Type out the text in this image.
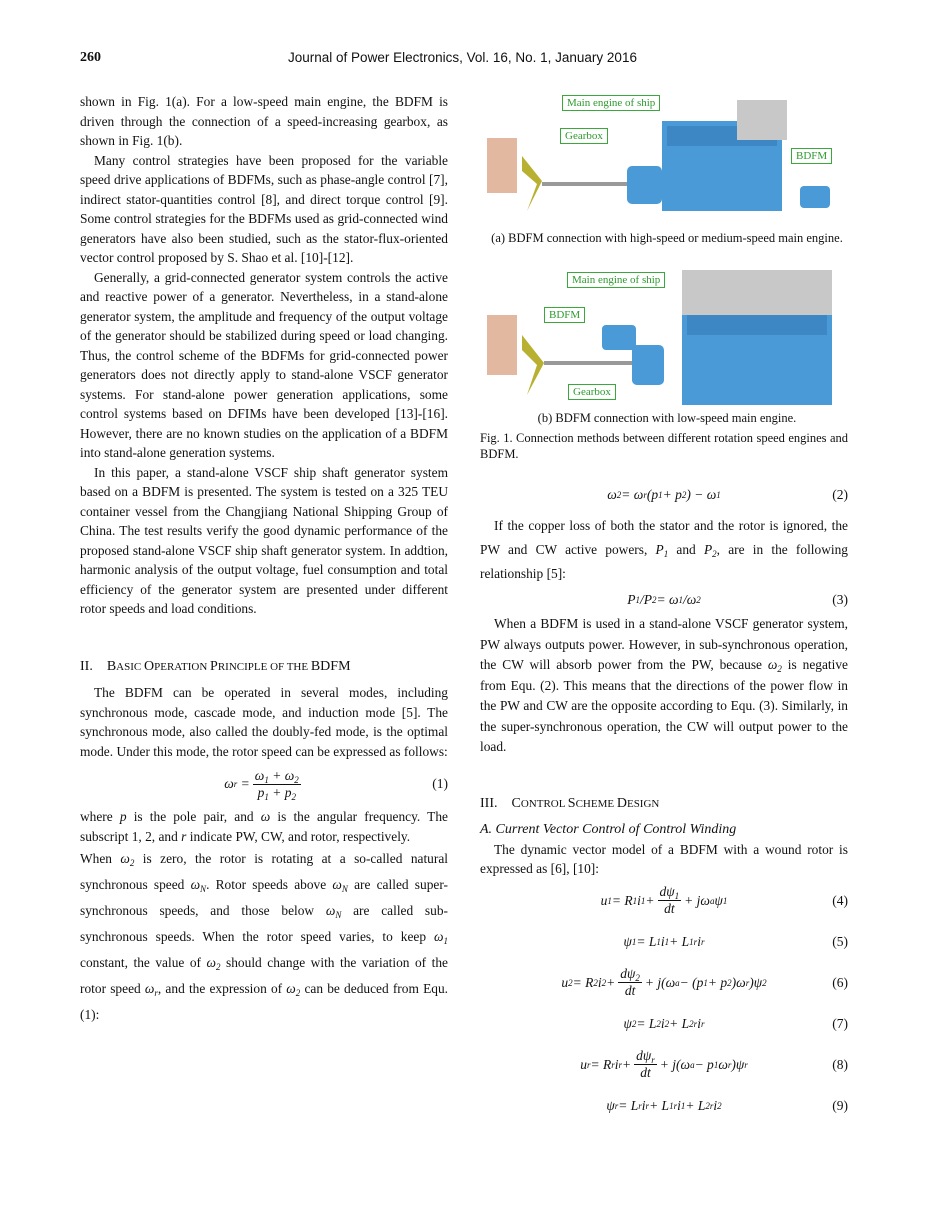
260	Journal of Power Electronics, Vol. 16, No. 1, January 2016

shown in Fig. 1(a). For a low-speed main engine, the BDFM is driven through the connection of a speed-increasing gearbox, as shown in Fig. 1(b).

Many control strategies have been proposed for the variable speed drive applications of BDFMs, such as phase-angle control [7], indirect stator-quantities control [8], and direct torque control [9]. Some control strategies for the BDFMs used as grid-connected wind generators have also been studied, such as the stator-flux-oriented vector control proposed by S. Shao et al. [10]-[12].

Generally, a grid-connected generator system controls the active and reactive power of a generator. Nevertheless, in a stand-alone generator system, the amplitude and frequency of the output voltage of the generator should be stabilized during speed or load changing. Thus, the control scheme of the BDFMs for grid-connected power generators does not directly apply to stand-alone VSCF generator systems. For stand-alone power generation applications, some control systems based on DFIMs have been developed [13]-[16]. However, there are no known studies on the application of a BDFM into stand-alone generation systems.

In this paper, a stand-alone VSCF ship shaft generator system based on a BDFM is presented. The system is tested on a 325 TEU container vessel from the Changjiang National Shipping Group of China. The test results verify the good dynamic performance of the proposed stand-alone VSCF ship shaft generator system. In addtion, harmonic analysis of the output voltage, fuel consumption and total efficiency of the generator system are presented under different rotor speeds and load conditions.

II. BASIC OPERATION PRINCIPLE OF THE BDFM

The BDFM can be operated in several modes, including synchronous mode, cascade mode, and induction mode [5]. The synchronous mode, also called the doubly-fed mode, is the optimal mode. Under this mode, the rotor speed can be expressed as follows:

ω $r = \frac{\omega_1 + \omega_2}{p_1 + p_2}$	(1)

where p is the pole pair, and ω is the angular frequency. The subscript 1, 2, and r indicate PW, CW, and rotor, respectively.

When $\omega_2$ is zero, the rotor is rotating at a so-called natural synchronous speed $\omega_N$. Rotor speeds above $\omega_N$ are called super-synchronous speeds, and those below $\omega_N$ are called sub-synchronous speeds. When the rotor speed varies, to keep $\omega_1$ constant, the value of $\omega_2$ should change with the variation of the rotor speed $\omega_r$, and the expression of $\omega_2$ can be deduced from Equ. (1):

Main engine of ship
Gearbox
BDFM
(a) BDFM connection with high-speed or medium-speed main engine.
Main engine of ship
BDFM
Gearbox
(b) BDFM connection with low-speed main engine.
Fig. 1. Connection methods between different rotation speed engines and BDFM.
ω 2 = ω r (p 1 + p 2 ) − ω 1	(2)

If the copper loss of both the stator and the rotor is ignored, the PW and CW active powers, $P_1$ and $P_2$, are in the following relationship [5]:

P 1 /P 2 = ω 1 /ω 2	(3)

When a BDFM is used in a stand-alone VSCF generator system, PW always outputs power. However, in sub-synchronous operation, the CW will absorb power from the PW, because $\omega_2$ is negative from Equ. (2). This means that the directions of the power flow in the PW and CW are the opposite according to Equ. (3). Similarly, in the super-synchronous operation, the CW will output power to the load.

III. CONTROL SCHEME DESIGN

A. Current Vector Control of Control Winding

The dynamic vector model of a BDFM with a wound rotor is expressed as [6], [10]:

u 1 = R 1 i $1 + \frac{d\psi_1}{dt} + j\omega$ a ψ 1	(4)
ψ 1 = L 1 i 1 + L 1r i r	(5)
u 2 = R 2 i $2 + \frac{d\psi_2}{dt} + j(\omega$ a − (p 1 + p 2 )ω r )ψ 2	(6)
ψ 2 = L 2 i 2 + L 2r i r	(7)
u r = R r i $r + \frac{d\psi_r}{dt} + j(\omega$ a − p 1 ω r )ψ r	(8)
ψ r = L r i r + L 1r i 1 + L 2r i 2	(9)
